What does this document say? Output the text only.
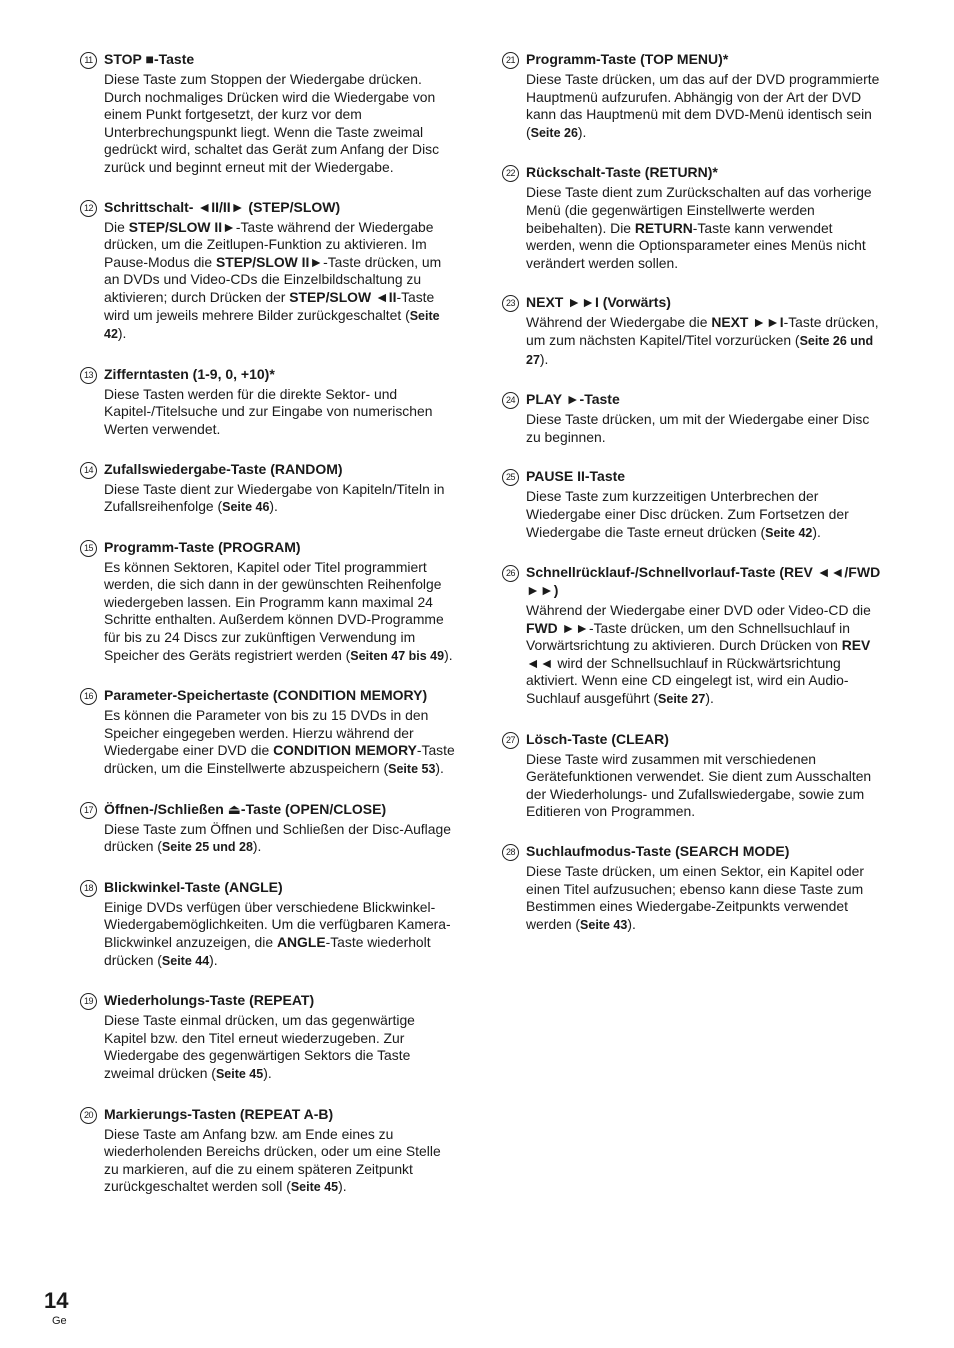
11 STOP ■-Taste

Diese Taste zum Stoppen der Wiedergabe drücken. Durch nochmaliges Drücken wird die Wiedergabe von einem Punkt fortgesetzt, der kurz vor dem Unterbrechungspunkt liegt. Wenn die Taste zweimal gedrückt wird, schaltet das Gerät zum Anfang der Disc zurück und beginnt erneut mit der Wiedergabe.

12 Schrittschalt- ◄II/II► (STEP/SLOW)

Die STEP/SLOW II►-Taste während der Wiedergabe drücken, um die Zeitlupen-Funktion zu aktivieren. Im Pause-Modus die STEP/SLOW II►-Taste drücken, um an DVDs und Video-CDs die Einzelbildschaltung zu aktivieren; durch Drücken der STEP/SLOW ◄II-Taste wird um jeweils mehrere Bilder zurückgeschaltet (Seite 42).

13 Zifferntasten (1-9, 0, +10)*

Diese Tasten werden für die direkte Sektor- und Kapitel-/Titelsuche und zur Eingabe von numerischen Werten verwendet.

14 Zufallswiedergabe-Taste (RANDOM)

Diese Taste dient zur Wiedergabe von Kapiteln/Titeln in Zufallsreihenfolge (Seite 46).

15 Programm-Taste (PROGRAM)

Es können Sektoren, Kapitel oder Titel programmiert werden, die sich dann in der gewünschten Reihenfolge wiedergeben lassen. Ein Programm kann maximal 24 Schritte enthalten. Außerdem können DVD-Programme für bis zu 24 Discs zur zukünftigen Verwendung im Speicher des Geräts registriert werden (Seiten 47 bis 49).

16 Parameter-Speichertaste (CONDITION MEMORY)

Es können die Parameter von bis zu 15 DVDs in den Speicher eingegeben werden. Hierzu während der Wiedergabe einer DVD die CONDITION MEMORY-Taste drücken, um die Einstellwerte abzuspeichern (Seite 53).

17 Öffnen-/Schließen ⏏-Taste (OPEN/CLOSE)

Diese Taste zum Öffnen und Schließen der Disc-Auflage drücken (Seite 25 und 28).

18 Blickwinkel-Taste (ANGLE)

Einige DVDs verfügen über verschiedene Blickwinkel- Wiedergabemöglichkeiten. Um die verfügbaren Kamera-Blickwinkel anzuzeigen, die ANGLE-Taste wiederholt drücken (Seite 44).

19 Wiederholungs-Taste (REPEAT)

Diese Taste einmal drücken, um das gegenwärtige Kapitel bzw. den Titel erneut wiederzugeben. Zur Wiedergabe des gegenwärtigen Sektors die Taste zweimal drücken (Seite 45).

20 Markierungs-Tasten (REPEAT A-B)

Diese Taste am Anfang bzw. am Ende eines zu wiederholenden Bereichs drücken, oder um eine Stelle zu markieren, auf die zu einem späteren Zeitpunkt zurückgeschaltet werden soll (Seite 45).

21 Programm-Taste (TOP MENU)*

Diese Taste drücken, um das auf der DVD programmierte Hauptmenü aufzurufen. Abhängig von der Art der DVD kann das Hauptmenü mit dem DVD-Menü identisch sein (Seite 26).

22 Rückschalt-Taste (RETURN)*

Diese Taste dient zum Zurückschalten auf das vorherige Menü (die gegenwärtigen Einstellwerte werden beibehalten). Die RETURN-Taste kann verwendet werden, wenn die Optionsparameter eines Menüs nicht verändert werden sollen.

23 NEXT ►►I (Vorwärts)

Während der Wiedergabe die NEXT ►►I-Taste drücken, um zum nächsten Kapitel/Titel vorzurücken (Seite 26 und 27).

24 PLAY ►-Taste

Diese Taste drücken, um mit der Wiedergabe einer Disc zu beginnen.

25 PAUSE II-Taste

Diese Taste zum kurzzeitigen Unterbrechen der Wiedergabe einer Disc drücken. Zum Fortsetzen der Wiedergabe die Taste erneut drücken (Seite 42).

26 Schnellrücklauf-/Schnellvorlauf-Taste (REV ◄◄/FWD ►►)

Während der Wiedergabe einer DVD oder Video-CD die FWD ►►-Taste drücken, um den Schnellsuchlauf in Vorwärtsrichtung zu aktivieren. Durch Drücken von REV ◄◄ wird der Schnellsuchlauf in Rückwärtsrichtung aktiviert. Wenn eine CD eingelegt ist, wird ein Audio-Suchlauf ausgeführt (Seite 27).

27 Lösch-Taste (CLEAR)

Diese Taste wird zusammen mit verschiedenen Gerätefunktionen verwendet. Sie dient zum Ausschalten der Wiederholungs- und Zufallswiedergabe, sowie zum Editieren von Programmen.

28 Suchlaufmodus-Taste (SEARCH MODE)

Diese Taste drücken, um einen Sektor, ein Kapitel oder einen Titel aufzusuchen; ebenso kann diese Taste zum Bestimmen eines Wiedergabe-Zeitpunkts verwendet werden (Seite 43).

14
Ge
